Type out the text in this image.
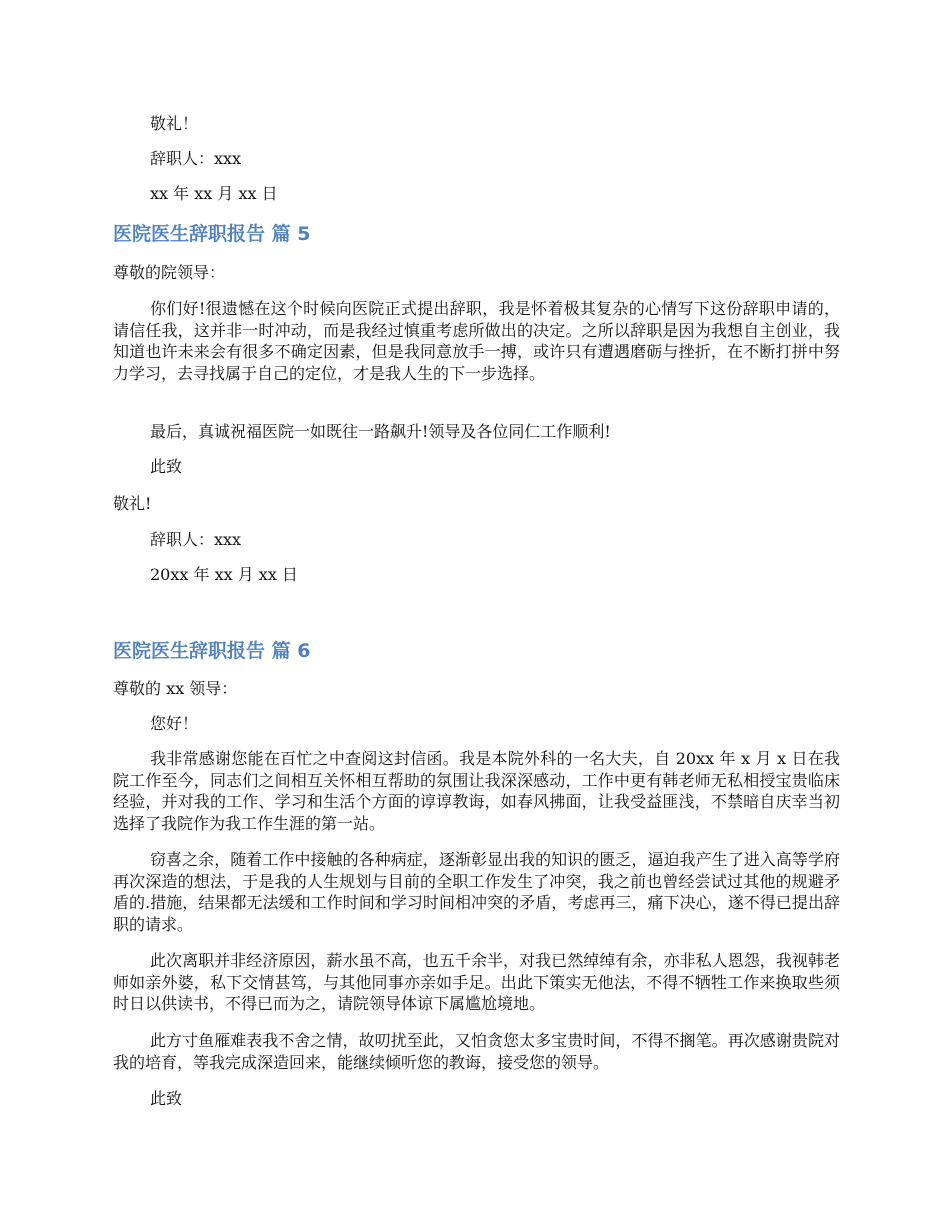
敬礼！
辞职人：xxx
xx 年 xx 月 xx 日
医院医生辞职报告 篇 5
尊敬的院领导：
你们好!很遗憾在这个时候向医院正式提出辞职，我是怀着极其复杂的心情写下这份辞职申请的，请信任我，这并非一时冲动，而是我经过慎重考虑所做出的决定。之所以辞职是因为我想自主创业，我知道也许未来会有很多不确定因素，但是我同意放手一搏，或许只有遭遇磨砺与挫折，在不断打拼中努力学习，去寻找属于自己的定位，才是我人生的下一步选择。
最后，真诚祝福医院一如既往一路飙升!领导及各位同仁工作顺利!
此致
敬礼!
辞职人：xxx
20xx 年 xx 月 xx 日
医院医生辞职报告 篇 6
尊敬的 xx 领导：
您好！
我非常感谢您能在百忙之中查阅这封信函。我是本院外科的一名大夫，自 20xx 年 x 月 x 日在我院工作至今，同志们之间相互关怀相互帮助的氛围让我深深感动，工作中更有韩老师无私相授宝贵临床经验，并对我的工作、学习和生活个方面的谆谆教诲，如春风拂面，让我受益匪浅，不禁暗自庆幸当初选择了我院作为我工作生涯的第一站。
窃喜之余，随着工作中接触的各种病症，逐渐彰显出我的知识的匮乏，逼迫我产生了进入高等学府再次深造的想法，于是我的人生规划与目前的全职工作发生了冲突，我之前也曾经尝试过其他的规避矛盾的.措施，结果都无法缓和工作时间和学习时间相冲突的矛盾，考虑再三，痛下决心，遂不得已提出辞职的请求。
此次离职并非经济原因，薪水虽不高，也五千余半，对我已然绰绰有余，亦非私人恩怨，我视韩老师如亲外婆，私下交情甚笃，与其他同事亦亲如手足。出此下策实无他法，不得不牺牲工作来换取些须时日以供读书，不得已而为之，请院领导体谅下属尴尬境地。
此方寸鱼雁难表我不舍之情，故叨扰至此，又怕贪您太多宝贵时间，不得不搁笔。再次感谢贵院对我的培育，等我完成深造回来，能继续倾听您的教诲，接受您的领导。
此致
